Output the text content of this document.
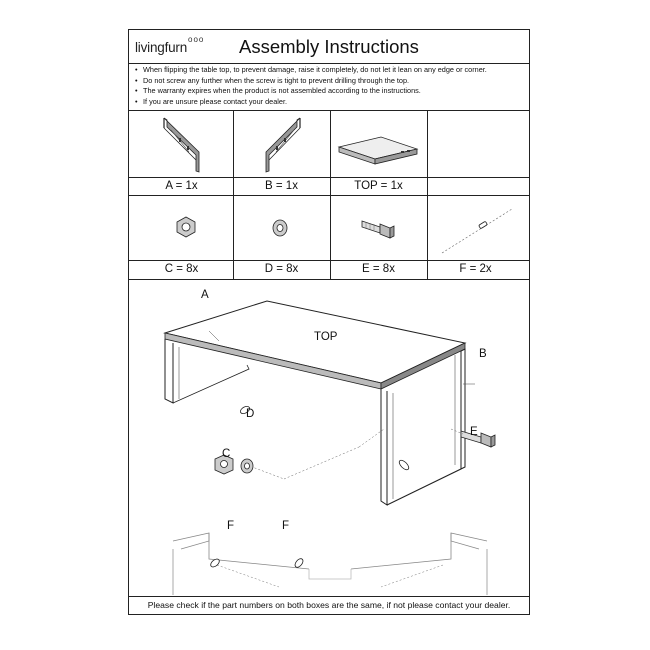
livingfurn
ooo Assembly Instructions
• When flipping the table top, to prevent damage, raise it completely, do not let it lean on any edge or corner.
• Do not screw any further when the screw is tight to prevent drilling through the top.
• The warranty expires when the product is not assembled according to the instructions.
• If you are unsure please contact your dealer.
A = 1x	B = 1x	TOP = 1x
C = 8x	D = 8x	E = 8x	F = 2x
A
TOP
B
D
C
E
F	F
Please check if the part numbers on both boxes are the same, if not please contact your dealer.
